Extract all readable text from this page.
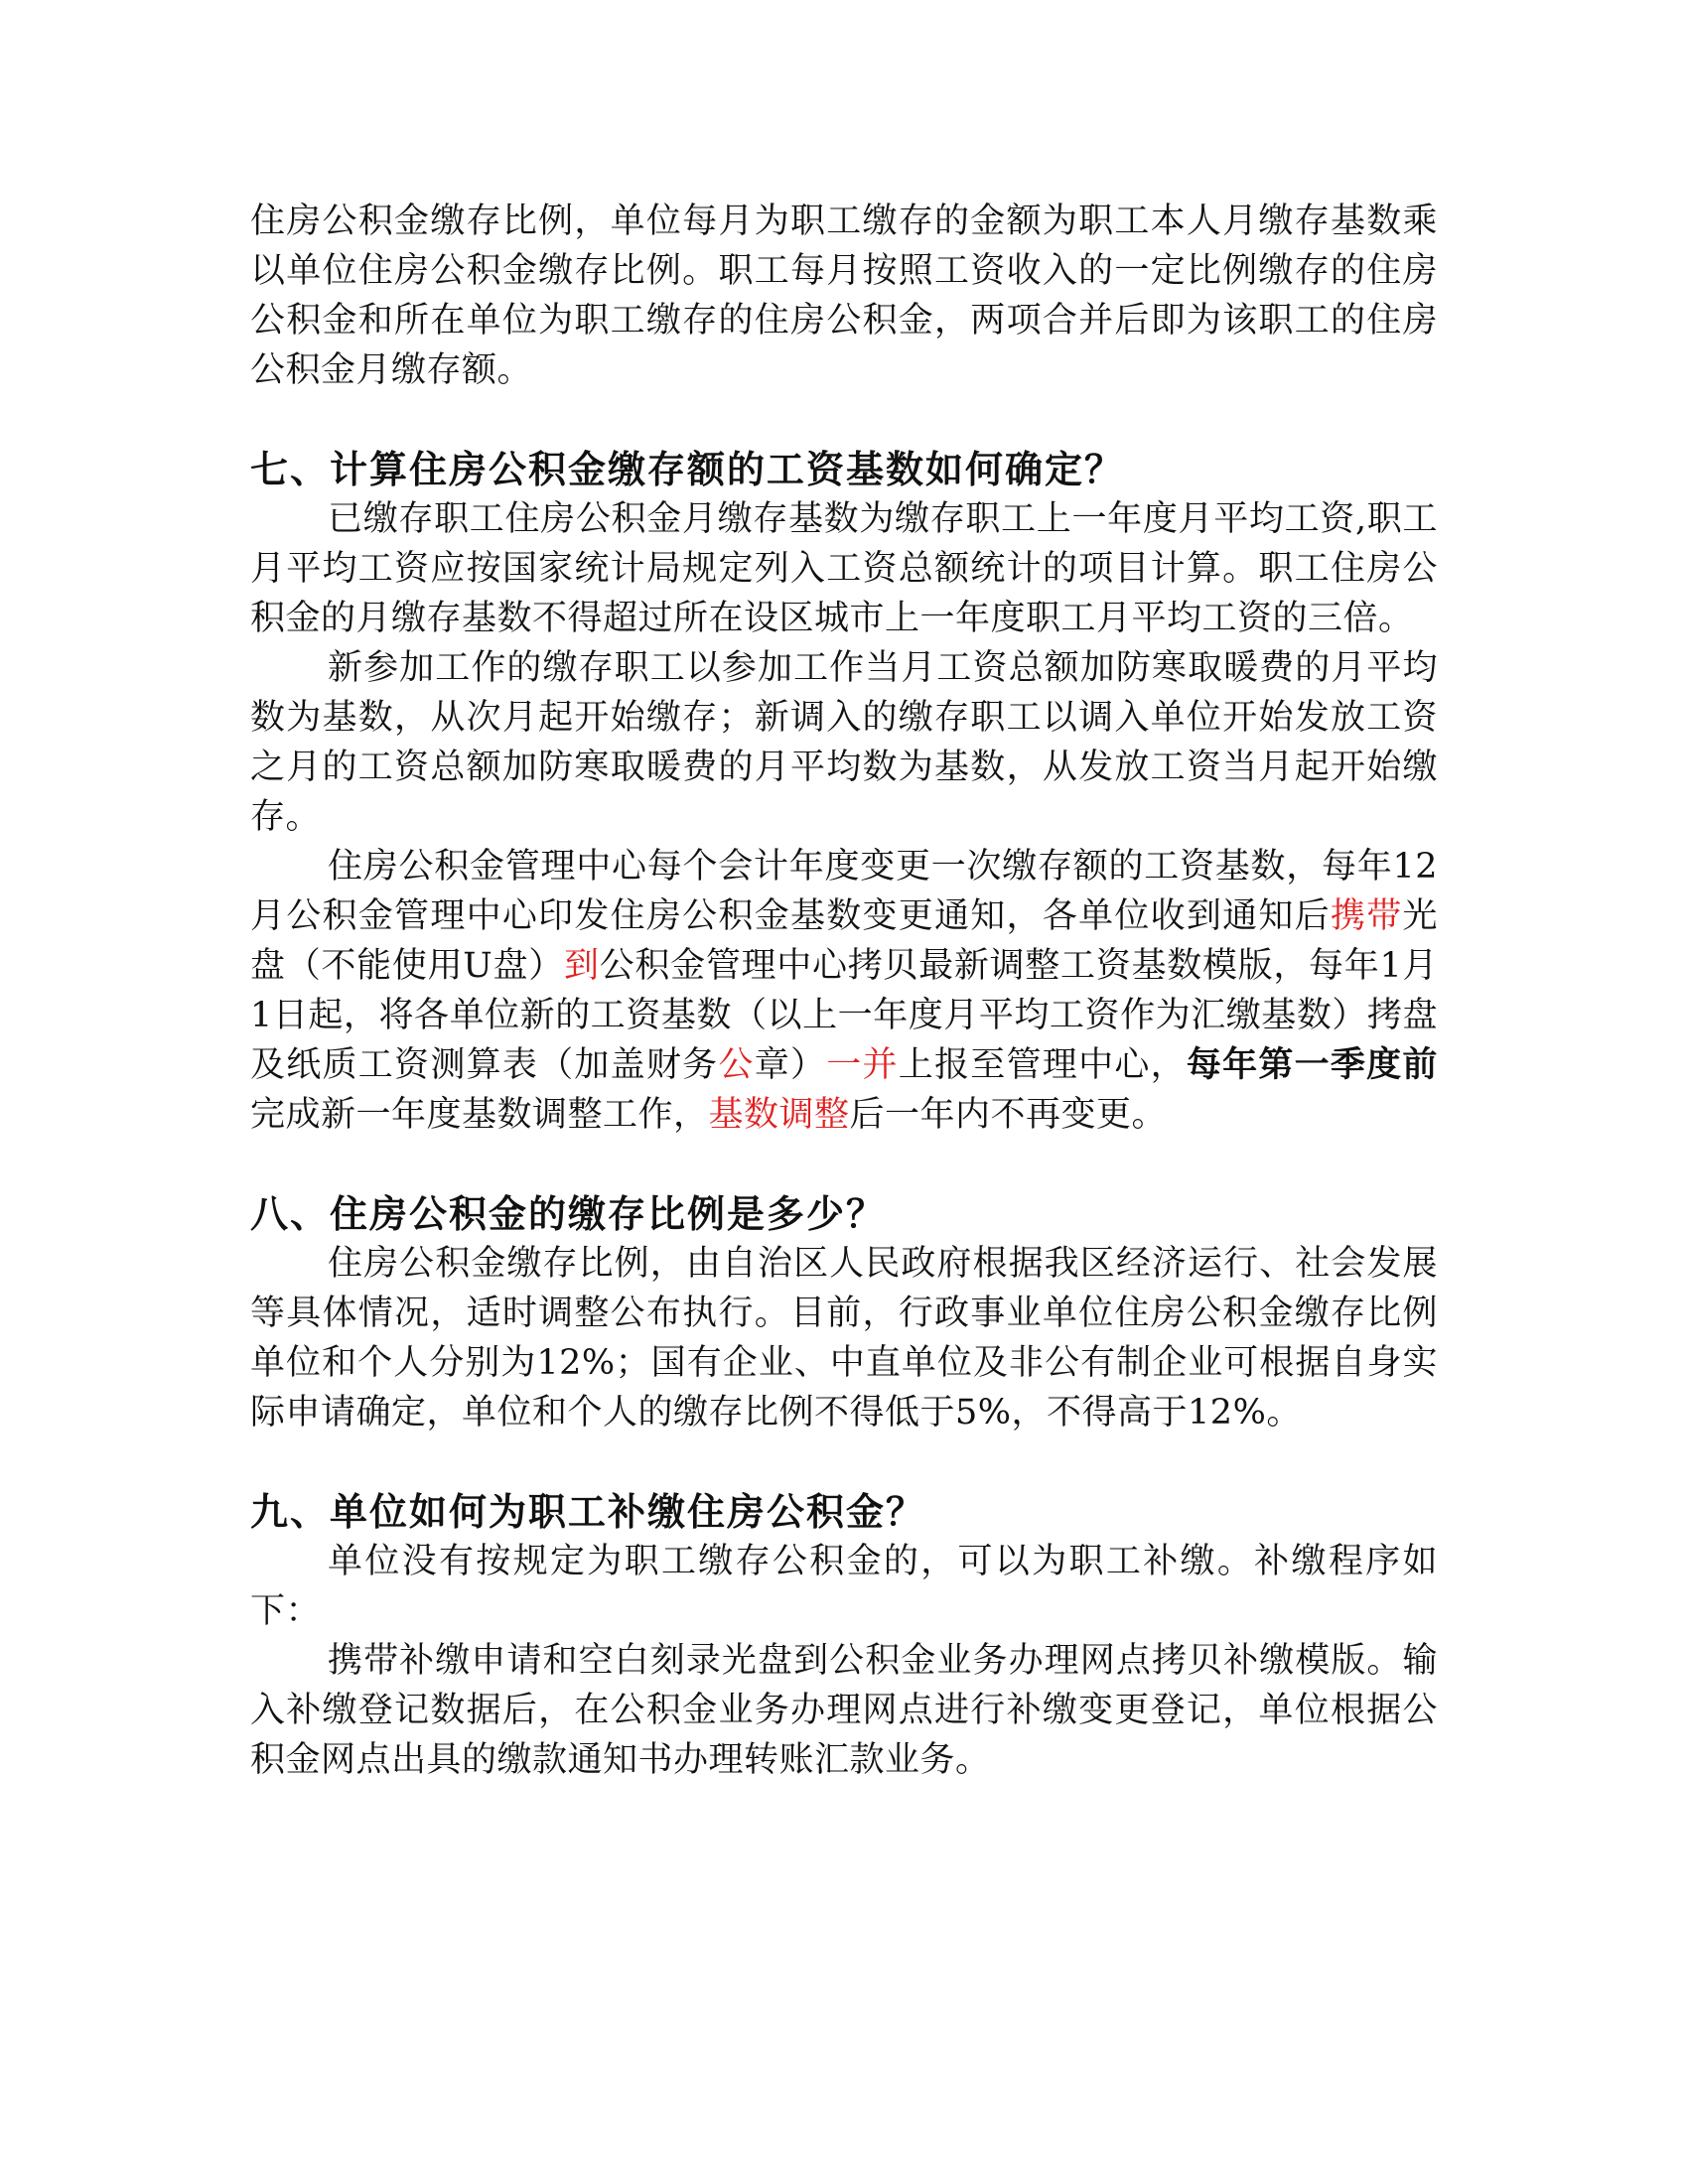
住房公积金缴存比例，单位每月为职工缴存的金额为职工本人月缴存基数乘以单位住房公积金缴存比例。职工每月按照工资收入的一定比例缴存的住房公积金和所在单位为职工缴存的住房公积金，两项合并后即为该职工的住房公积金月缴存额。

七、计算住房公积金缴存额的工资基数如何确定？

已缴存职工住房公积金月缴存基数为缴存职工上一年度月平均工资,职工月平均工资应按国家统计局规定列入工资总额统计的项目计算。职工住房公积金的月缴存基数不得超过所在设区城市上一年度职工月平均工资的三倍。

新参加工作的缴存职工以参加工作当月工资总额加防寒取暖费的月平均数为基数，从次月起开始缴存；新调入的缴存职工以调入单位开始发放工资之月的工资总额加防寒取暖费的月平均数为基数，从发放工资当月起开始缴存。

住房公积金管理中心每个会计年度变更一次缴存额的工资基数，每年12月公积金管理中心印发住房公积金基数变更通知，各单位收到通知后携带光盘（不能使用U盘）到公积金管理中心拷贝最新调整工资基数模版，每年1月1日起，将各单位新的工资基数（以上一年度月平均工资作为汇缴基数）拷盘及纸质工资测算表（加盖财务公章）一并上报至管理中心，每年第一季度前完成新一年度基数调整工作，基数调整后一年内不再变更。

八、住房公积金的缴存比例是多少？

住房公积金缴存比例，由自治区人民政府根据我区经济运行、社会发展等具体情况，适时调整公布执行。目前，行政事业单位住房公积金缴存比例单位和个人分别为12%；国有企业、中直单位及非公有制企业可根据自身实际申请确定，单位和个人的缴存比例不得低于5%，不得高于12%。

九、单位如何为职工补缴住房公积金？

单位没有按规定为职工缴存公积金的，可以为职工补缴。补缴程序如下：

携带补缴申请和空白刻录光盘到公积金业务办理网点拷贝补缴模版。输入补缴登记数据后，在公积金业务办理网点进行补缴变更登记，单位根据公积金网点出具的缴款通知书办理转账汇款业务。
